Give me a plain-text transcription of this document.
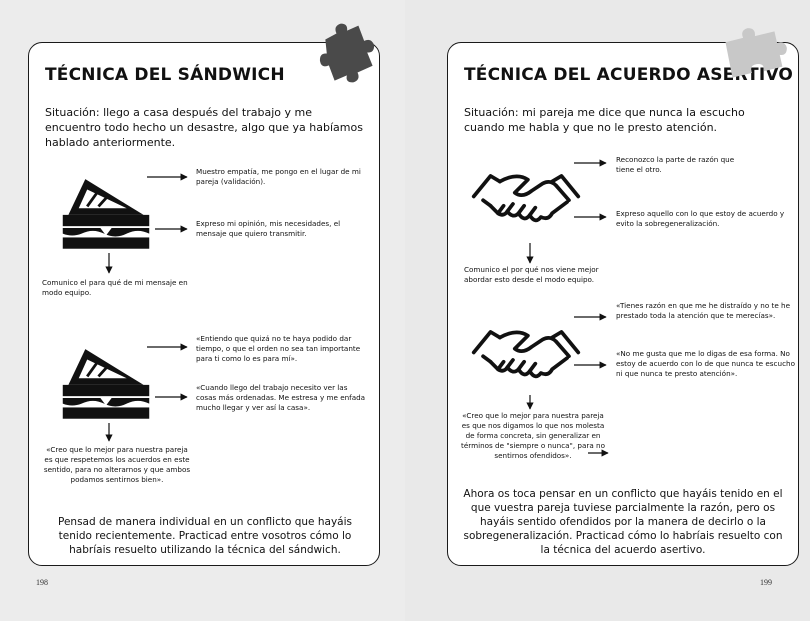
TÉCNICA DEL SÁNDWICH
Situación: llego a casa después del trabajo y me encuentro todo hecho un desastre, algo que ya habíamos hablado anteriormente.
Muestro empatía, me pongo en el lugar de mi pareja (validación).
Expreso mi opinión, mis necesidades, el mensaje que quiero transmitir.
Comunico el para qué de mi mensaje en modo equipo.
«Entiendo que quizá no te haya podido dar tiempo, o que el orden no sea tan importante para ti como lo es para mí».
«Cuando llego del trabajo necesito ver las cosas más ordenadas. Me estresa y me enfada mucho llegar y ver así la casa».
«Creo que lo mejor para nuestra pareja es que respetemos los acuerdos en este sentido, para no alterarnos y que ambos podamos sentirnos bien».
Pensad de manera individual en un conflicto que hayáis tenido recientemente. Practicad entre vosotros cómo lo habríais resuelto utilizando la técnica del sándwich.
198
TÉCNICA DEL ACUERDO ASERTIVO
Situación: mi pareja me dice que nunca la escucho cuando me habla y que no le presto atención.
Reconozco la parte de razón que tiene el otro.
Expreso aquello con lo que estoy de acuerdo y evito la sobregeneralización.
Comunico el por qué nos viene mejor abordar esto desde el modo equipo.
«Tienes razón en que me he distraído y no te he prestado toda la atención que te merecías».
«No me gusta que me lo digas de esa forma. No estoy de acuerdo con lo de que nunca te escucho ni que nunca te presto atención».
«Creo que lo mejor para nuestra pareja es que nos digamos lo que nos molesta de forma concreta, sin generalizar en términos de "siempre o nunca", para no sentirnos ofendidos».
Ahora os toca pensar en un conflicto que hayáis tenido en el que vuestra pareja tuviese parcialmente la razón, pero os hayáis sentido ofendidos por la manera de decirlo o la sobregeneralización. Practicad cómo lo habríais resuelto con la técnica del acuerdo asertivo.
199
